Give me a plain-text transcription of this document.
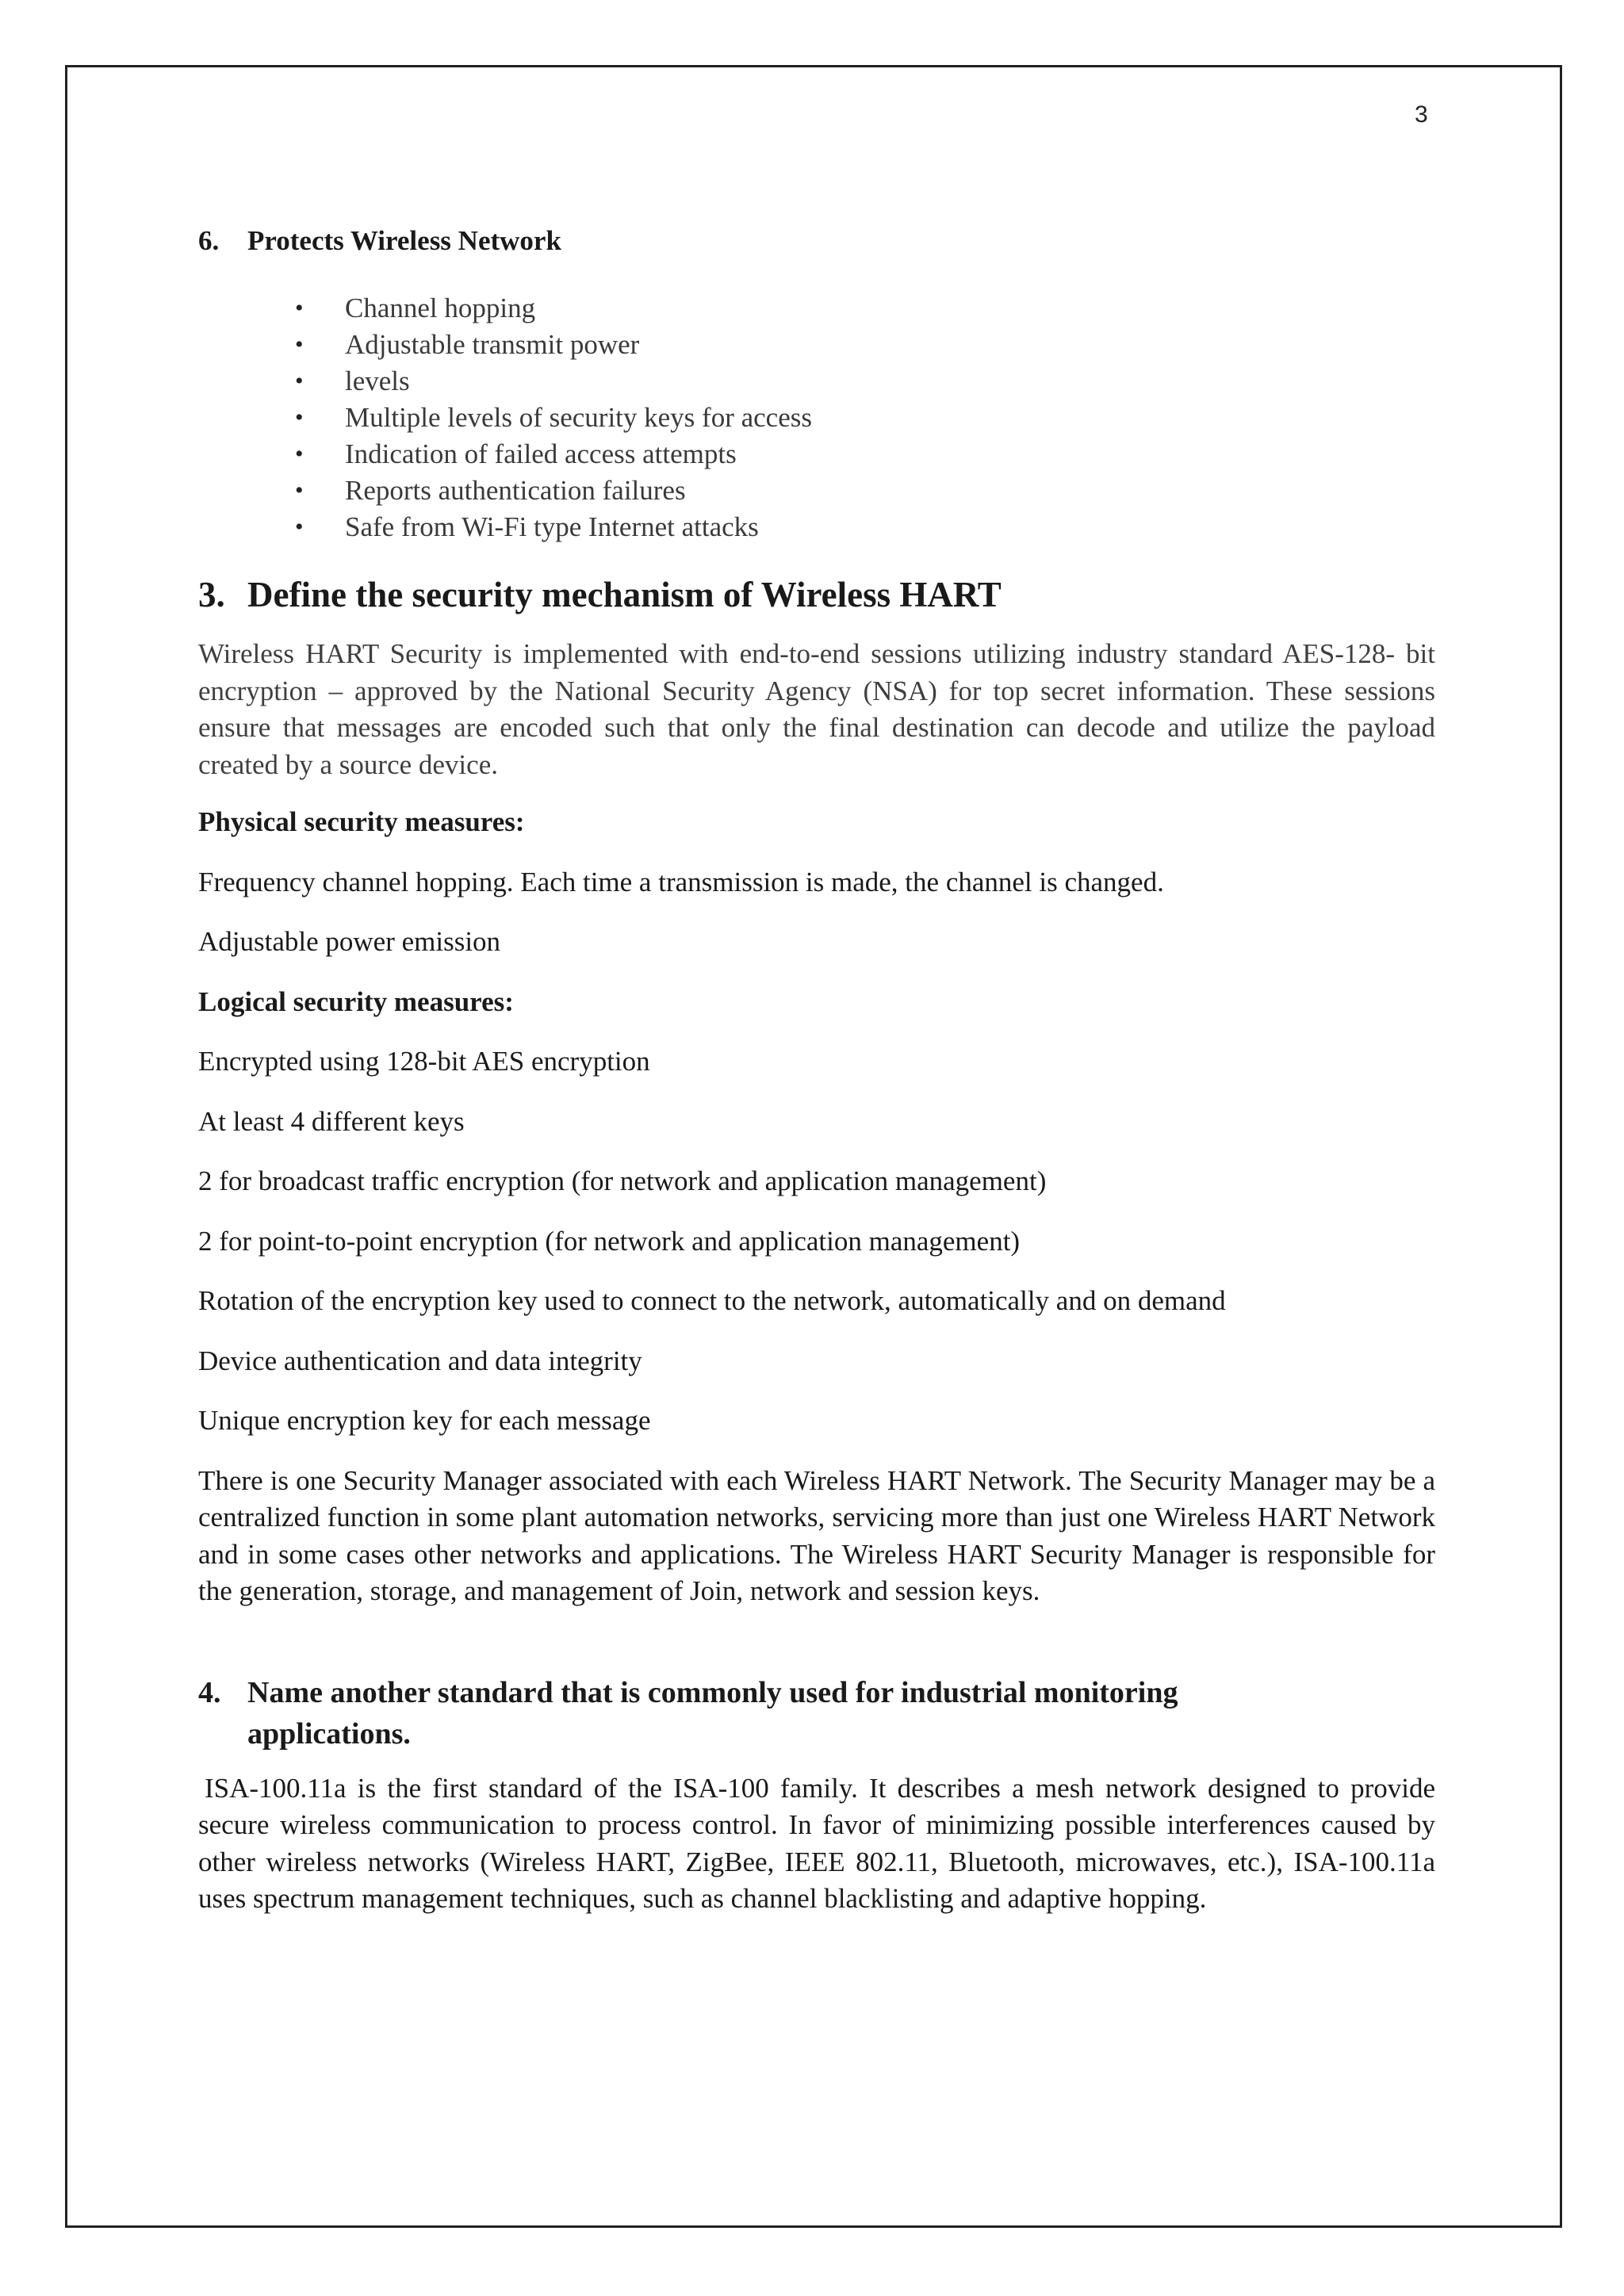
3
6.	Protects Wireless Network
• Channel hopping
• Adjustable transmit power
• levels
• Multiple levels of security keys for access
• Indication of failed access attempts
• Reports authentication failures
• Safe from Wi-Fi type Internet attacks
3. Define the security mechanism of Wireless HART

Wireless HART Security is implemented with end-to-end sessions utilizing industry standard AES-128- bit encryption – approved by the National Security Agency (NSA) for top secret information. These sessions ensure that messages are encoded such that only the final destination can decode and utilize the payload created by a source device.

Physical security measures:

Frequency channel hopping. Each time a transmission is made, the channel is changed.

Adjustable power emission

Logical security measures:

Encrypted using 128-bit AES encryption

At least 4 different keys

2 for broadcast traffic encryption (for network and application management)

2 for point-to-point encryption (for network and application management)

Rotation of the encryption key used to connect to the network, automatically and on demand

Device authentication and data integrity

Unique encryption key for each message

There is one Security Manager associated with each Wireless HART Network. The Security Manager may be a centralized function in some plant automation networks, servicing more than just one Wireless HART Network and in some cases other networks and applications. The Wireless HART Security Manager is responsible for the generation, storage, and management of Join, network and session keys.

4. Name another standard that is commonly used for industrial monitoring applications.

ISA-100.11a is the first standard of the ISA-100 family. It describes a mesh network designed to provide secure wireless communication to process control. In favor of minimizing possible interferences caused by other wireless networks (Wireless HART, ZigBee, IEEE 802.11, Bluetooth, microwaves, etc.), ISA-100.11a uses spectrum management techniques, such as channel blacklisting and adaptive hopping.
